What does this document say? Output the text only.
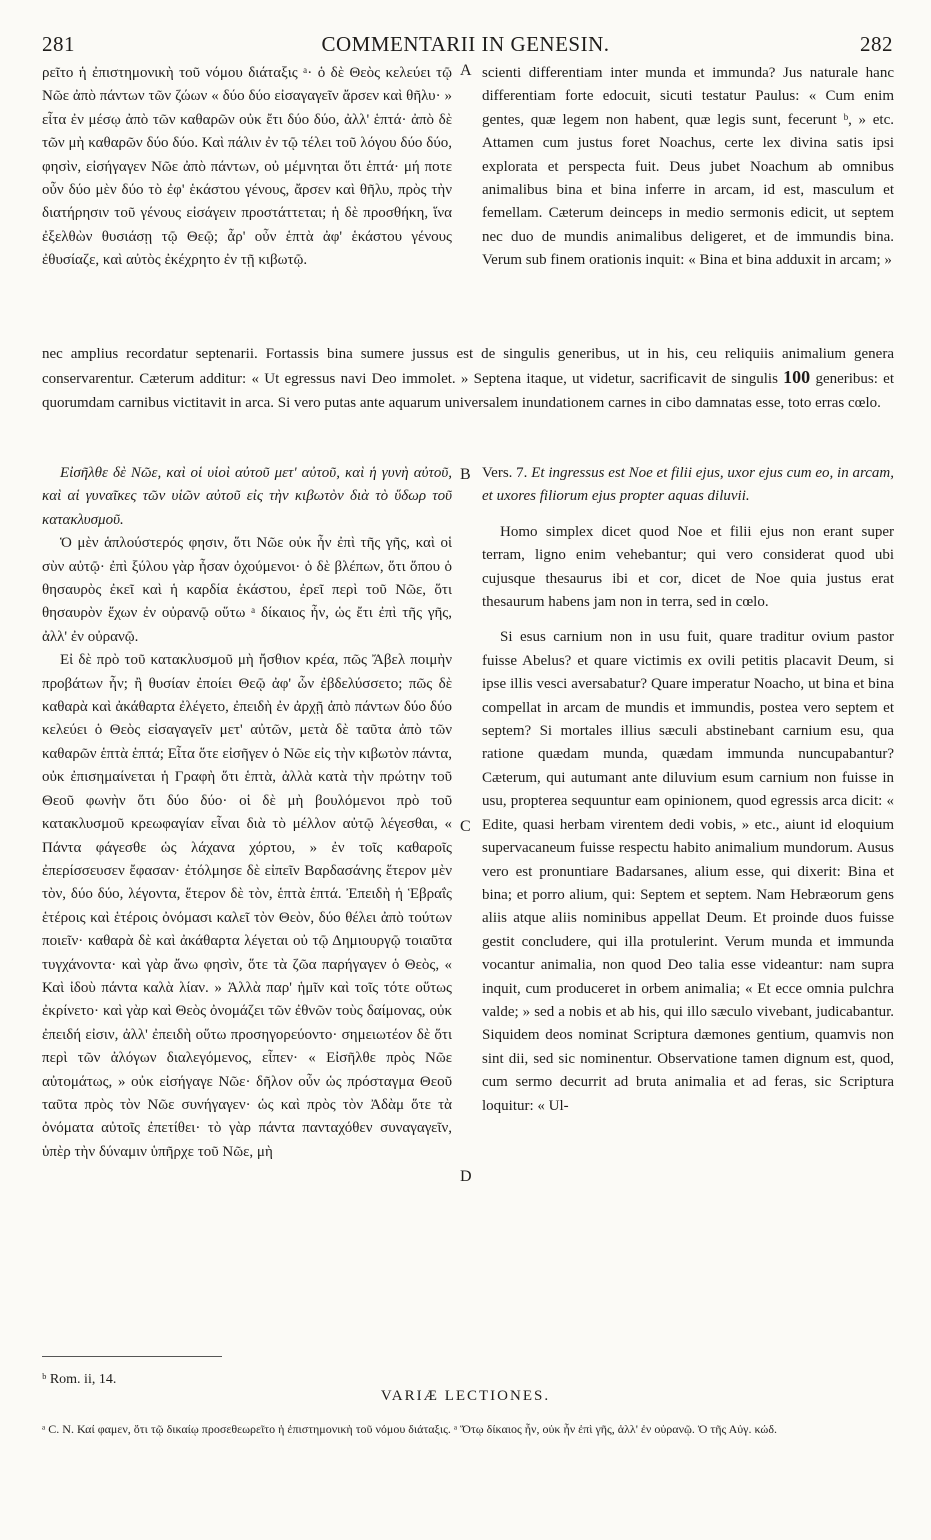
281	COMMENTARII IN GENESIN.	282

ρεῖτο ἡ ἐπιστημονικὴ τοῦ νόμου διάταξις ᵃ· ὁ δὲ Θεὸς κελεύει τῷ Νῶε ἀπὸ πάντων τῶν ζώων « δύο δύο εἰσαγαγεῖν ἄρσεν καὶ θῆλυ· » εἶτα ἐν μέσῳ ἀπὸ τῶν καθαρῶν οὐκ ἔτι δύο δύο, ἀλλ' ἑπτά· ἀπὸ δὲ τῶν μὴ καθαρῶν δύο δύο. Καὶ πάλιν ἐν τῷ τέλει τοῦ λόγου δύο δύο, φησὶν, εἰσήγαγεν Νῶε ἀπὸ πάντων, οὐ μέμνηται ὅτι ἑπτά· μή ποτε οὖν δύο μὲν δύο τὸ ἐφ' ἑκάστου γένους, ἄρσεν καὶ θῆλυ, πρὸς τὴν διατήρησιν τοῦ γένους εἰσάγειν προστάττεται; ἡ δὲ προσθήκη, ἵνα ἐξελθὼν θυσιάσῃ τῷ Θεῷ; ἆρ' οὖν ἑπτὰ ἀφ' ἑκάστου γένους ἐθυσίαζε, καὶ αὐτὸς ἐκέχρητο ἐν τῇ κιβωτῷ.

A scienti differentiam inter munda et immunda? Jus naturale hanc differentiam forte edocuit, sicuti testatur Paulus: « Cum enim gentes, quæ legem non habent, quæ legis sunt, fecerunt ᵇ, » etc. Attamen cum justus foret Noachus, certe lex divina satis ipsi explorata et perspecta fuit. Deus jubet Noachum ab omnibus animalibus bina et bina inferre in arcam, id est, masculum et femellam. Cæterum deinceps in medio sermonis edicit, ut septem nec duo de mundis animalibus deligeret, et de immundis bina. Verum sub finem orationis inquit: « Bina et bina adduxit in arcam; »

nec amplius recordatur septenarii. Fortassis bina sumere jussus est de singulis generibus, ut in his, ceu reliquiis animalium genera conservarentur. Cæterum additur: « Ut egressus navi Deo immolet. » Septena itaque, ut videtur, sacrificavit de singulis 100 generibus: et quorumdam carnibus victitavit in arca. Si vero putas ante aquarum universalem inundationem carnes in cibo damnatas esse, toto erras cœlo.

Εἰσῆλθε δὲ Νῶε, καὶ οἱ υἱοὶ αὐτοῦ μετ' αὐτοῦ, καὶ ἡ γυνὴ αὐτοῦ, καὶ αἱ γυναῖκες τῶν υἱῶν αὐτοῦ εἰς τὴν κιβωτὸν διὰ τὸ ὕδωρ τοῦ κατακλυσμοῦ.

Ὁ μὲν ἁπλούστερός φησιν, ὅτι Νῶε οὐκ ἦν ἐπὶ τῆς γῆς, καὶ οἱ σὺν αὐτῷ· ἐπὶ ξύλου γὰρ ἦσαν ὀχούμενοι· ὁ δὲ βλέπων, ὅτι ὅπου ὁ θησαυρὸς ἐκεῖ καὶ ἡ καρδία ἑκάστου, ἐρεῖ περὶ τοῦ Νῶε, ὅτι θησαυρὸν ἔχων ἐν οὐρανῷ οὕτω ᵃ δίκαιος ἦν, ὡς ἔτι ἐπὶ τῆς γῆς, ἀλλ' ἐν οὐρανῷ.

Εἰ δὲ πρὸ τοῦ κατακλυσμοῦ μὴ ἤσθιον κρέα, πῶς Ἄβελ ποιμὴν προβάτων ἦν; ἢ θυσίαν ἐποίει Θεῷ ἀφ' ὧν ἐβδελύσσετο; πῶς δὲ καθαρὰ καὶ ἀκάθαρτα ἐλέγετο, ἐπειδὴ ἐν ἀρχῇ ἀπὸ πάντων δύο δύο κελεύει ὁ Θεὸς εἰσαγαγεῖν μετ' αὐτῶν, μετὰ δὲ ταῦτα ἀπὸ τῶν καθαρῶν ἑπτὰ ἑπτά; Εἶτα ὅτε εἰσῆγεν ὁ Νῶε εἰς τὴν κιβωτὸν πάντα, οὐκ ἐπισημαίνεται ἡ Γραφὴ ὅτι ἑπτὰ, ἀλλὰ κατὰ τὴν πρώτην τοῦ Θεοῦ φωνὴν ὅτι δύο δύο· οἱ δὲ μὴ βουλόμενοι πρὸ τοῦ κατακλυσμοῦ κρεωφαγίαν εἶναι διὰ τὸ μέλλον αὐτῷ λέγεσθαι, « Πάντα φάγεσθε ὡς λάχανα χόρτου, » ἐν τοῖς καθαροῖς ἐπερίσσευσεν ἔφασαν· ἐτόλμησε δὲ εἰπεῖν Βαρδασάνης ἕτερον μὲν τὸν, δύο δύο, λέγοντα, ἕτερον δὲ τὸν, ἑπτὰ ἑπτά. Ἐπειδὴ ἡ Ἑβραΐς ἑτέροις καὶ ἑτέροις ὀνόμασι καλεῖ τὸν Θεὸν, δύο θέλει ἀπὸ τούτων ποιεῖν· καθαρὰ δὲ καὶ ἀκάθαρτα λέγεται οὐ τῷ Δημιουργῷ τοιαῦτα τυγχάνοντα· καὶ γὰρ ἄνω φησὶν, ὅτε τὰ ζῶα παρήγαγεν ὁ Θεὸς, « Καὶ ἰδοὺ πάντα καλὰ λίαν. » Ἀλλὰ παρ' ἡμῖν καὶ τοῖς τότε οὕτως ἐκρίνετο· καὶ γὰρ καὶ Θεὸς ὀνομάζει τῶν ἐθνῶν τοὺς δαίμονας, οὐκ ἐπειδή εἰσιν, ἀλλ' ἐπειδὴ οὕτω προσηγορεύοντο· σημειωτέον δὲ ὅτι περὶ τῶν ἀλόγων διαλεγόμενος, εἶπεν· « Εἰσῆλθε πρὸς Νῶε αὐτομάτως, » οὐκ εἰσήγαγε Νῶε· δῆλον οὖν ὡς πρόσταγμα Θεοῦ ταῦτα πρὸς τὸν Νῶε συνήγαγεν· ὡς καὶ πρὸς τὸν Ἀδὰμ ὅτε τὰ ὀνόματα αὐτοῖς ἐπετίθει· τὸ γὰρ πάντα πανταχόθεν συναγαγεῖν, ὑπὲρ τὴν δύναμιν ὑπῆρχε τοῦ Νῶε, μὴ

B
C
D

Vers. 7. Et ingressus est Noe et filii ejus, uxor ejus cum eo, in arcam, et uxores filiorum ejus propter aquas diluvii.

Homo simplex dicet quod Noe et filii ejus non erant super terram, ligno enim vehebantur; qui vero considerat quod ubi cujusque thesaurus ibi et cor, dicet de Noe quia justus erat thesaurum habens jam non in terra, sed in cœlo.

Si esus carnium non in usu fuit, quare traditur ovium pastor fuisse Abelus? et quare victimis ex ovili petitis placavit Deum, si ipse illis vesci aversabatur? Quare imperatur Noacho, ut bina et bina compellat in arcam de mundis et immundis, postea vero septem et septem? Si mortales illius sæculi abstinebant carnium esu, qua ratione quædam munda, quædam immunda nuncupabantur? Cæterum, qui autumant ante diluvium esum carnium non fuisse in usu, propterea sequuntur eam opinionem, quod egressis arca dicit: « Edite, quasi herbam virentem dedi vobis, » etc., aiunt id eloquium supervacaneum fuisse respectu habito animalium mundorum. Ausus vero est pronuntiare Badarsanes, alium esse, qui dixerit: Bina et bina; et porro alium, qui: Septem et septem. Nam Hebræorum gens aliis atque aliis nominibus appellat Deum. Et proinde duos fuisse gestit concludere, qui illa protulerint. Verum munda et immunda vocantur animalia, non quod Deo talia esse videantur: nam supra inquit, cum produceret in orbem animalia; « Et ecce omnia pulchra valde; » sed a nobis et ab his, qui illo sæculo vivebant, judicabantur. Siquidem deos nominat Scriptura dæmones gentium, quamvis non sint dii, sed sic nominentur. Observatione tamen dignum est, quod, cum sermo decurrit ad bruta animalia et ad feras, sic Scriptura loquitur: « Ul-

ᵇ Rom. ii, 14.
VARIÆ LECTIONES.
ᵃ C. N. Καί φαμεν, ὅτι τῷ δικαίῳ προσεθεωρεῖτο ἡ ἐπιστημονικὴ τοῦ νόμου διάταξις. ᵃ Ὅτῳ δίκαιος ἦν, οὐκ ἦν ἐπὶ γῆς, ἀλλ' ἐν οὐρανῷ. Ὁ τῆς Αὐγ. κώδ.
